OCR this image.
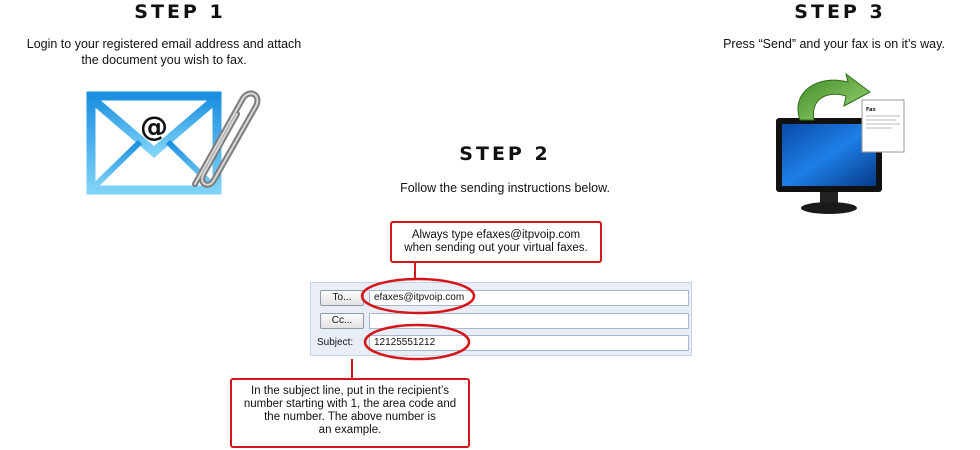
STEP 1
Login to your registered email address and attach the document you wish to fax.
@
STEP 2
Follow the sending instructions below.
Always type efaxes@itpvoip.com
when sending out your virtual faxes.
To...	efaxes@itpvoip.com
Cc...
Subject:	12125551212
In the subject line, put in the recipient’s
number starting with 1, the area code and
the number. The above number is
an example.
STEP 3
Press “Send” and your fax is on it’s way.
Fax
